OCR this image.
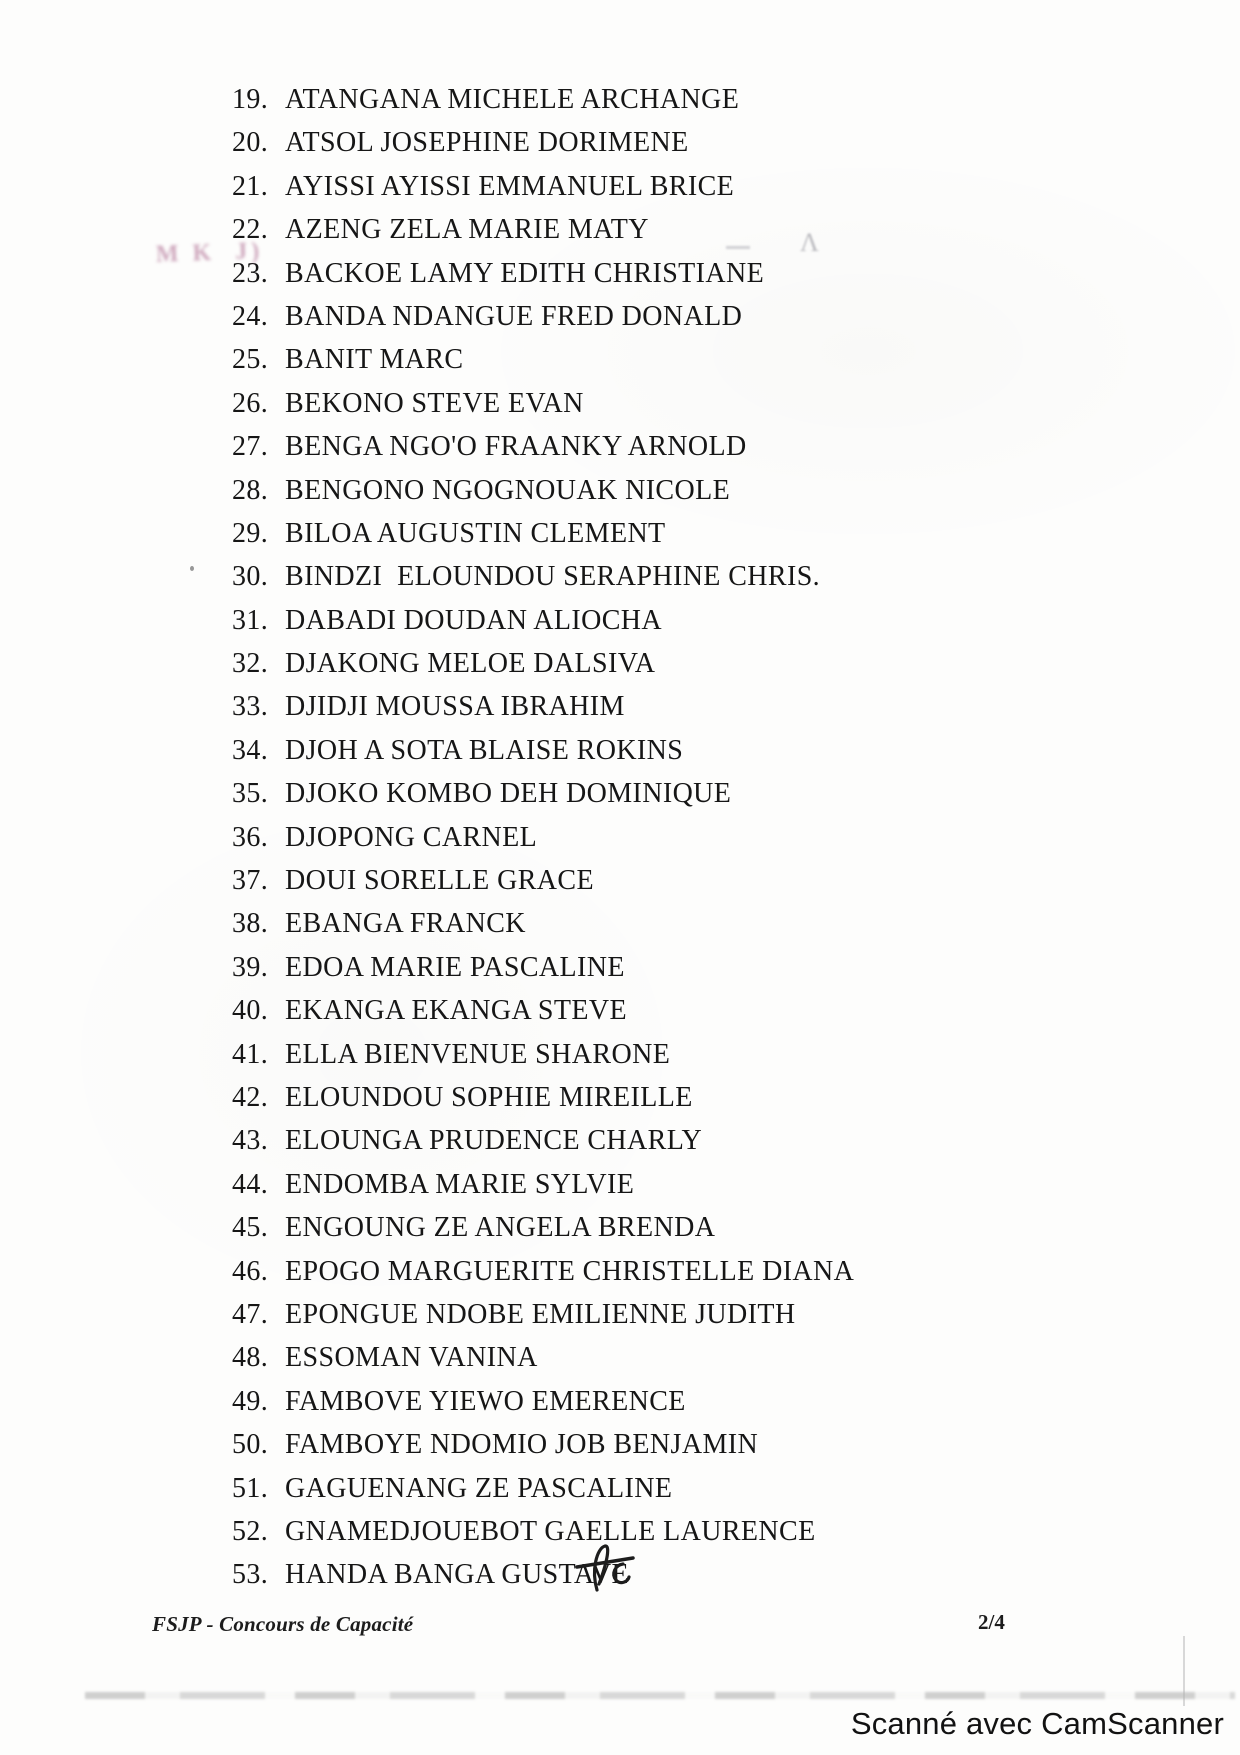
19. ATANGANA MICHELE ARCHANGE
20. ATSOL JOSEPHINE DORIMENE
21. AYISSI AYISSI EMMANUEL BRICE
22. AZENG ZELA MARIE MATY
23. BACKOE LAMY EDITH CHRISTIANE
24. BANDA NDANGUE FRED DONALD
25. BANIT MARC
26. BEKONO STEVE EVAN
27. BENGA NGO'O FRAANKY ARNOLD
28. BENGONO NGOGNOUAK NICOLE
29. BILOA AUGUSTIN CLEMENT
30. BINDZI  ELOUNDOU SERAPHINE CHRIS.
31. DABADI DOUDAN ALIOCHA
32. DJAKONG MELOE DALSIVA
33. DJIDJI MOUSSA IBRAHIM
34. DJOH A SOTA BLAISE ROKINS
35. DJOKO KOMBO DEH DOMINIQUE
36. DJOPONG CARNEL
37. DOUI SORELLE GRACE
38. EBANGA FRANCK
39. EDOA MARIE PASCALINE
40. EKANGA EKANGA STEVE
41. ELLA BIENVENUE SHARONE
42. ELOUNDOU SOPHIE MIREILLE
43. ELOUNGA PRUDENCE CHARLY
44. ENDOMBA MARIE SYLVIE
45. ENGOUNG ZE ANGELA BRENDA
46. EPOGO MARGUERITE CHRISTELLE DIANA
47. EPONGUE NDOBE EMILIENNE JUDITH
48. ESSOMAN VANINA
49. FAMBOVE YIEWO EMERENCE
50. FAMBOYE NDOMIO JOB BENJAMIN
51. GAGUENANG ZE PASCALINE
52. GNAMEDJOUEBOT GAELLE LAURENCE
53. HANDA BANGA GUSTAVE
M K  J)	Λ
FSJP - Concours de Capacité	2/4
Scanné avec CamScanner
